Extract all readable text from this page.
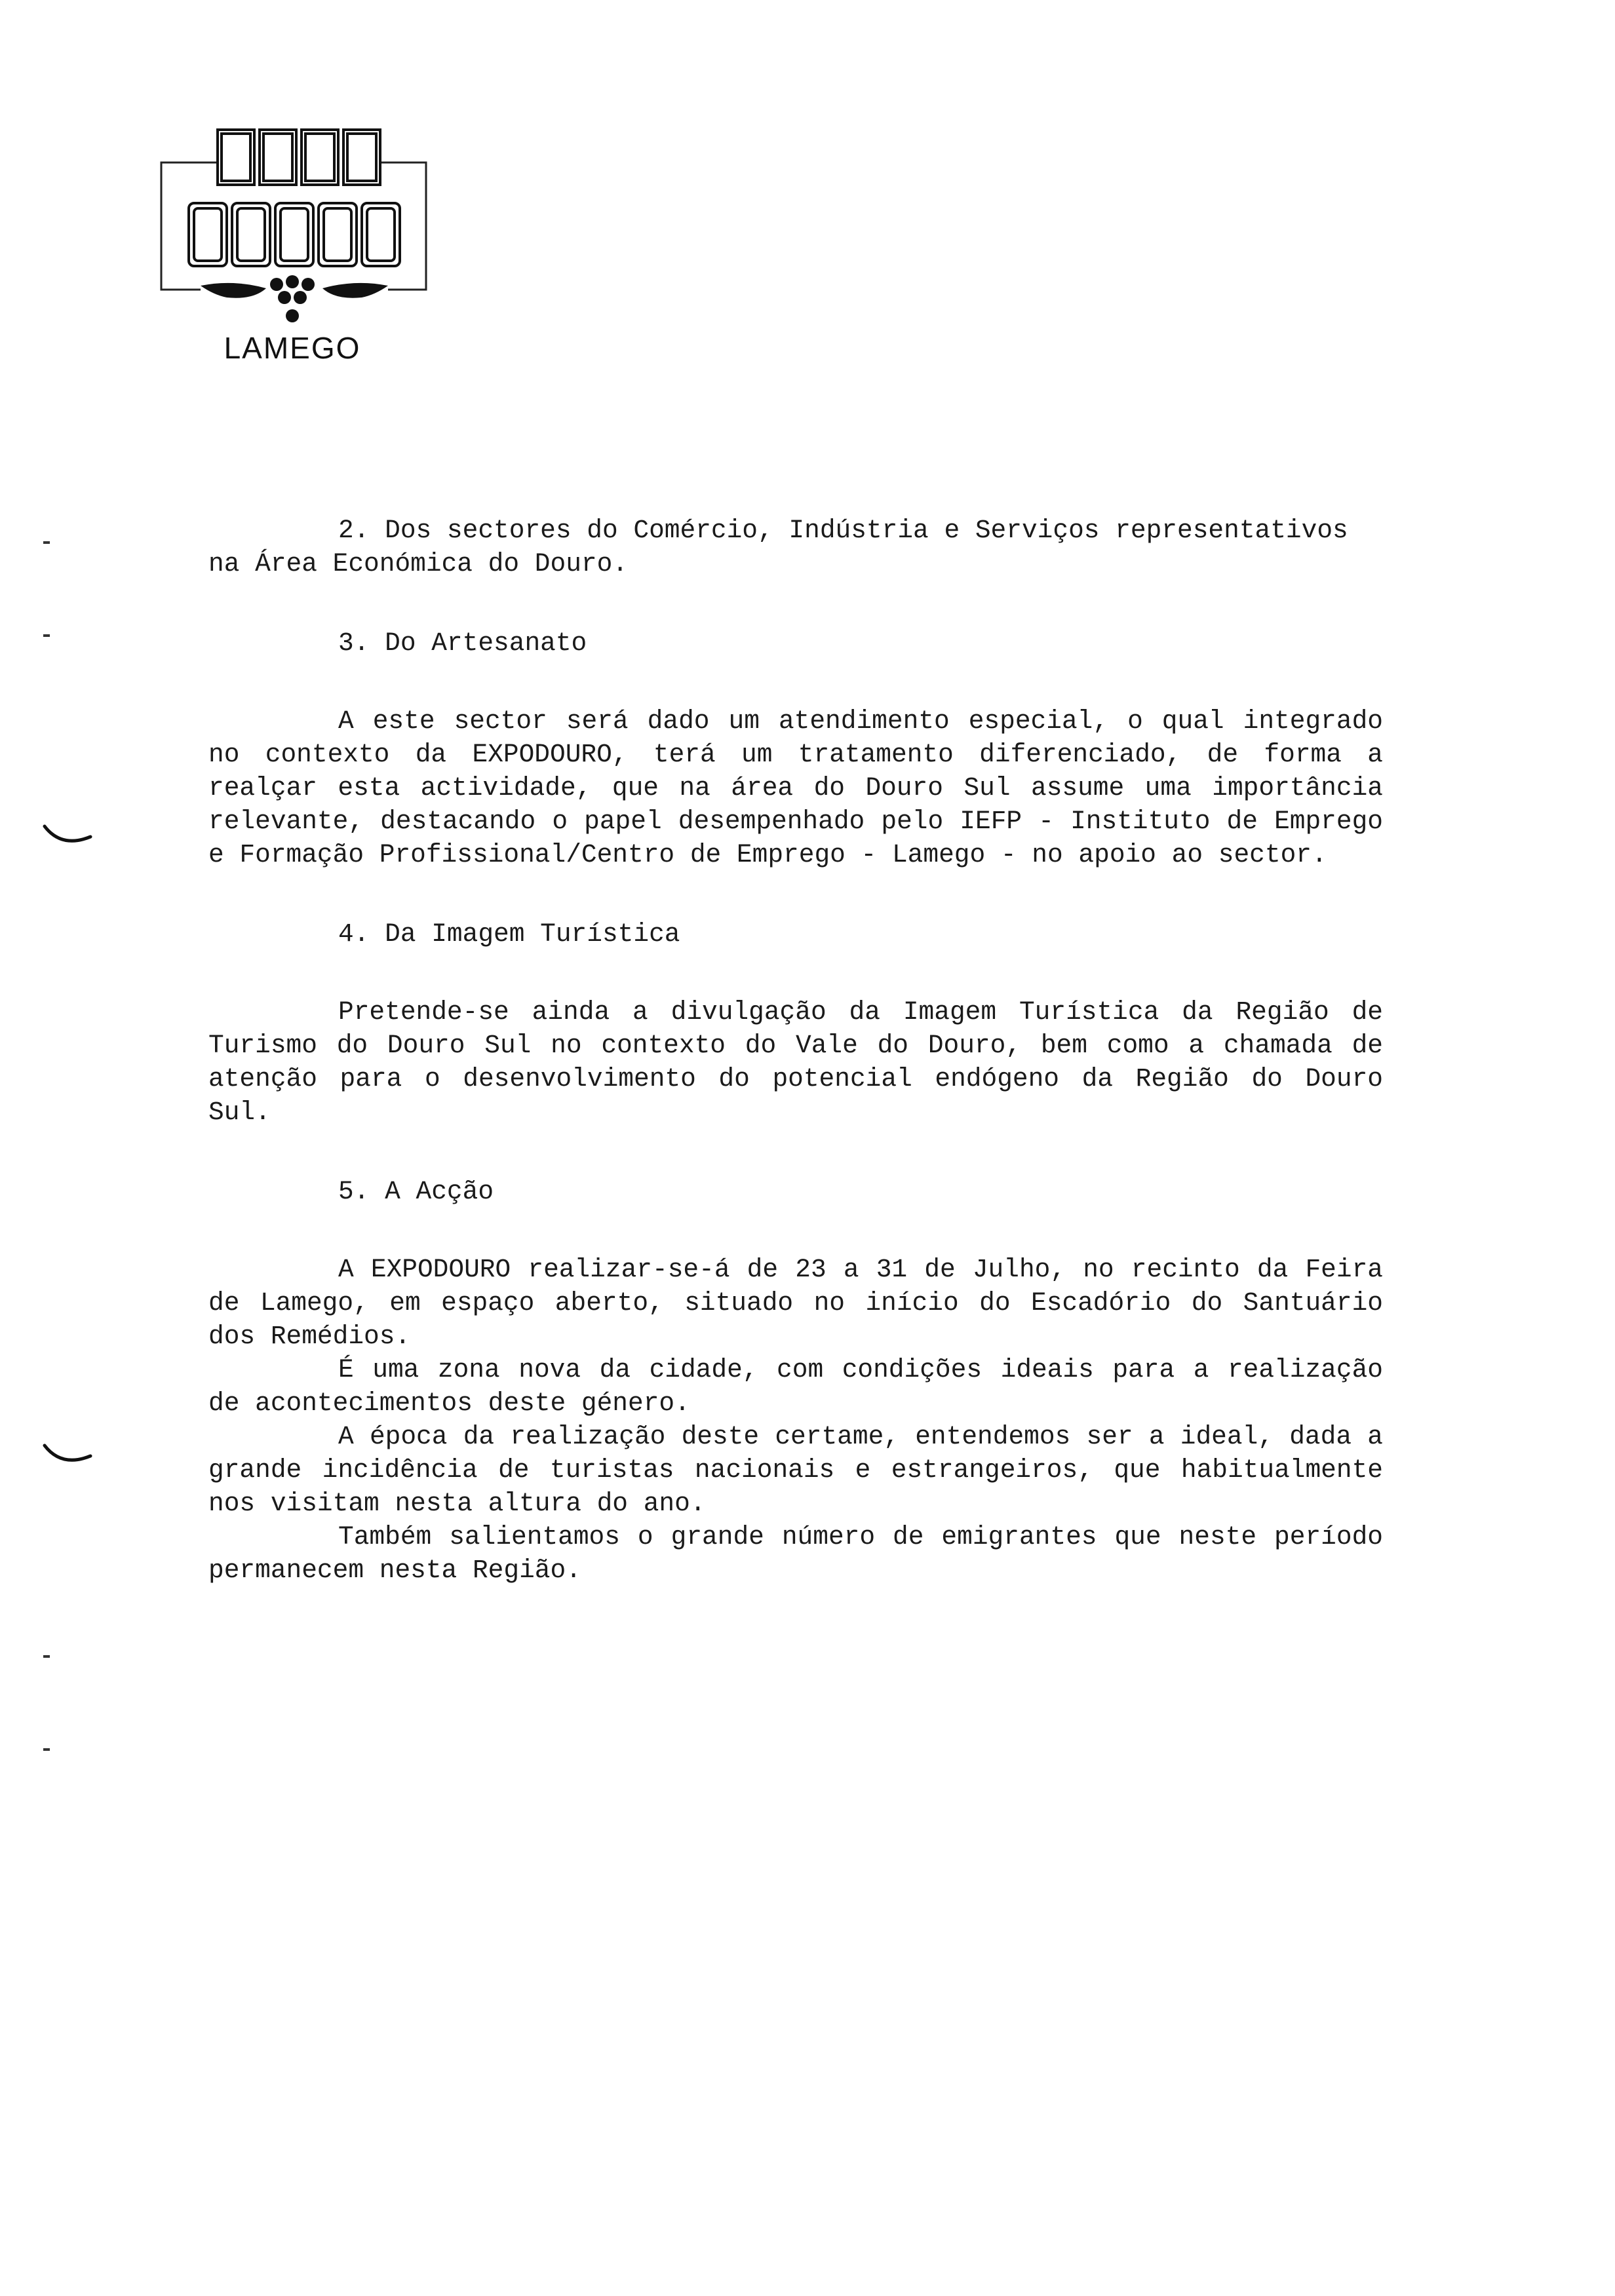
LAMEGO

2. Dos sectores do Comércio, Indústria e Serviços representativos

na Área Económica do Douro.

3. Do Artesanato

A este sector será dado um atendimento especial, o qual integrado no contexto da EXPODOURO, terá um tratamento diferenciado, de forma a realçar esta actividade, que na área do Douro Sul assume uma importância relevante, destacando o papel desempenhado pelo IEFP - Instituto de Emprego e Formação Profissional/Centro de Emprego - Lamego - no apoio ao sector.

4. Da Imagem Turística

Pretende-se ainda a divulgação da Imagem Turística da Região de Turismo do Douro Sul no contexto do Vale do Douro, bem como a chamada de atenção para o desenvolvimento do potencial endógeno da Região do Douro Sul.

5. A Acção

A EXPODOURO realizar-se-á de 23 a 31 de Julho, no recinto da Feira de Lamego, em espaço aberto, situado no início do Escadório do Santuário dos Remédios.

É uma zona nova da cidade, com condições ideais para a realização de acontecimentos deste género.

A época da realização deste certame, entendemos ser a ideal, dada a grande incidência de turistas nacionais e estrangeiros, que habitualmente nos visitam nesta altura do ano.

Também salientamos o grande número de emigrantes que neste período permanecem nesta Região.
